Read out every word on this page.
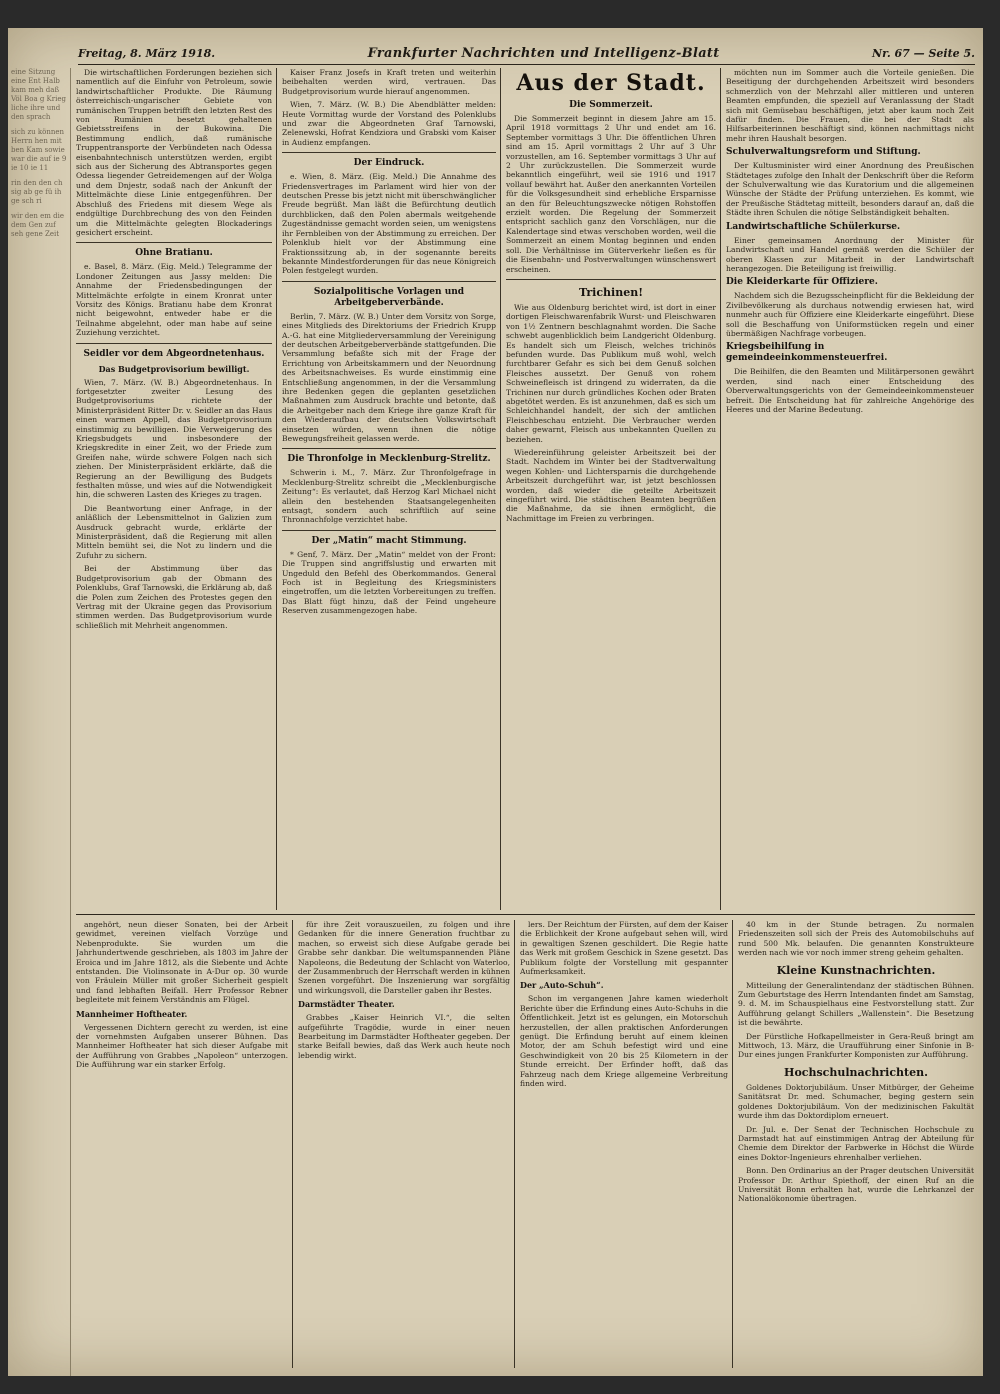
Freitag, 8. März 1918.	Frankfurter Nachrichten und Intelligenz-Blatt	Nr. 67 — Seite 5.

eine Sitzung eine Ent Halb kam meh daß Völ Boa g Krieg liche ihre und den sprach

sich zu können Herrn hen mit ben Kam sowie war die auf ie 9 ie 10 ie 11

rin den den ch sig ab ge fü ih ge sch ri

wir den em die dem Gen zuf seh gene Zeit

Die wirtschaftlichen Forderungen beziehen sich namentlich auf die Einfuhr von Petroleum, sowie landwirtschaftlicher Produkte. Die Räumung österreichisch-ungarischer Gebiete von rumänischen Truppen betrifft den letzten Rest des von Rumänien besetzt gehaltenen Gebietsstreifens in der Bukowina. Die Bestimmung endlich, daß rumänische Truppentransporte der Verbündeten nach Odessa eisenbahntechnisch unterstützen werden, ergibt sich aus der Sicherung des Abtransportes gegen Odessa liegender Getreidemengen auf der Wolga und dem Dnjestr, sodaß nach der Ankunft der Mittelmächte diese Linie entgegenführen. Der Abschluß des Friedens mit diesem Wege als endgültige Durchbrechung des von den Feinden um die Mittelmächte gelegten Blockaderings gesichert erscheint.

Ohne Bratianu.

e. Basel, 8. März. (Eig. Meld.) Telegramme der Londoner Zeitungen aus Jassy melden: Die Annahme der Friedensbedingungen der Mittelmächte erfolgte in einem Kronrat unter Vorsitz des Königs. Bratianu habe dem Kronrat nicht beigewohnt, entweder habe er die Teilnahme abgelehnt, oder man habe auf seine Zuziehung verzichtet.

Seidler vor dem Abgeordnetenhaus.
Das Budgetprovisorium bewilligt.

Wien, 7. März. (W. B.) Abgeordnetenhaus. In fortgesetzter zweiter Lesung des Budgetprovisoriums richtete der Ministerpräsident Ritter Dr. v. Seidler an das Haus einen warmen Appell, das Budgetprovisorium einstimmig zu bewilligen. Die Verweigerung des Kriegsbudgets und insbesondere der Kriegskredite in einer Zeit, wo der Friede zum Greifen nahe, würde schwere Folgen nach sich ziehen. Der Ministerpräsident erklärte, daß die Regierung an der Bewilligung des Budgets festhalten müsse, und wies auf die Notwendigkeit hin, die schweren Lasten des Krieges zu tragen.

Die Beantwortung einer Anfrage, in der anläßlich der Lebensmittelnot in Galizien zum Ausdruck gebracht wurde, erklärte der Ministerpräsident, daß die Regierung mit allen Mitteln bemüht sei, die Not zu lindern und die Zufuhr zu sichern.

Bei der Abstimmung über das Budgetprovisorium gab der Obmann des Polenklubs, Graf Tarnowski, die Erklärung ab, daß die Polen zum Zeichen des Protestes gegen den Vertrag mit der Ukraine gegen das Provisorium stimmen werden. Das Budgetprovisorium wurde schließlich mit Mehrheit angenommen.

Kaiser Franz Josefs in Kraft treten und weiterhin beibehalten werden wird, vertrauen. Das Budgetprovisorium wurde hierauf angenommen.

Wien, 7. März. (W. B.) Die Abendblätter melden: Heute Vormittag wurde der Vorstand des Polenklubs und zwar die Abgeordneten Graf Tarnowski, Zelenewski, Hofrat Kendziora und Grabski vom Kaiser in Audienz empfangen.

Der Eindruck.

e. Wien, 8. März. (Eig. Meld.) Die Annahme des Friedensvertrages im Parlament wird hier von der deutschen Presse bis jetzt nicht mit überschwänglicher Freude begrüßt. Man läßt die Befürchtung deutlich durchblicken, daß den Polen abermals weitgehende Zugeständnisse gemacht worden seien, um wenigstens ihr Fernbleiben von der Abstimmung zu erreichen. Der Polenklub hielt vor der Abstimmung eine Fraktionssitzung ab, in der sogenannte bereits bekannte Mindestforderungen für das neue Königreich Polen festgelegt wurden.

Sozialpolitische Vorlagen und Arbeitgeberverbände.

Berlin, 7. März. (W. B.) Unter dem Vorsitz von Sorge, eines Mitglieds des Direktoriums der Friedrich Krupp A.-G. hat eine Mitgliederversammlung der Vereinigung der deutschen Arbeitgeberverbände stattgefunden. Die Versammlung befaßte sich mit der Frage der Errichtung von Arbeitskammern und der Neuordnung des Arbeitsnachweises. Es wurde einstimmig eine Entschließung angenommen, in der die Versammlung ihre Bedenken gegen die geplanten gesetzlichen Maßnahmen zum Ausdruck brachte und betonte, daß die Arbeitgeber nach dem Kriege ihre ganze Kraft für den Wiederaufbau der deutschen Volkswirtschaft einsetzen würden, wenn ihnen die nötige Bewegungsfreiheit gelassen werde.

Die Thronfolge in Mecklenburg-Strelitz.

Schwerin i. M., 7. März. Zur Thronfolgefrage in Mecklenburg-Strelitz schreibt die „Mecklenburgische Zeitung“: Es verlautet, daß Herzog Karl Michael nicht allein den bestehenden Staatsangelegenheiten entsagt, sondern auch schriftlich auf seine Thronnachfolge verzichtet habe.

Der „Matin“ macht Stimmung.

* Genf, 7. März. Der „Matin“ meldet von der Front: Die Truppen sind angriffslustig und erwarten mit Ungeduld den Befehl des Oberkommandos. General Foch ist in Begleitung des Kriegsministers eingetroffen, um die letzten Vorbereitungen zu treffen. Das Blatt fügt hinzu, daß der Feind ungeheure Reserven zusammengezogen habe.

Aus der Stadt.
Die Sommerzeit.

Die Sommerzeit beginnt in diesem Jahre am 15. April 1918 vormittags 2 Uhr und endet am 16. September vormittags 3 Uhr. Die öffentlichen Uhren sind am 15. April vormittags 2 Uhr auf 3 Uhr vorzustellen, am 16. September vormittags 3 Uhr auf 2 Uhr zurückzustellen. Die Sommerzeit wurde bekanntlich eingeführt, weil sie 1916 und 1917 vollauf bewährt hat. Außer den anerkannten Vorteilen für die Volksgesundheit sind erhebliche Ersparnisse an den für Beleuchtungszwecke nötigen Rohstoffen erzielt worden. Die Regelung der Sommerzeit entspricht sachlich ganz den Vorschlägen, nur die Kalendertage sind etwas verschoben worden, weil die Sommerzeit an einem Montag beginnen und enden soll. Die Verhältnisse im Güterverkehr ließen es für die Eisenbahn- und Postverwaltungen wünschenswert erscheinen.

Trichinen!

Wie aus Oldenburg berichtet wird, ist dort in einer dortigen Fleischwarenfabrik Wurst- und Fleischwaren von 1½ Zentnern beschlagnahmt worden. Die Sache schwebt augenblicklich beim Landgericht Oldenburg. Es handelt sich um Fleisch, welches trichinös befunden wurde. Das Publikum muß wohl, welch furchtbarer Gefahr es sich bei dem Genuß solchen Fleisches aussetzt. Der Genuß von rohem Schweinefleisch ist dringend zu widerraten, da die Trichinen nur durch gründliches Kochen oder Braten abgetötet werden. Es ist anzunehmen, daß es sich um Schleichhandel handelt, der sich der amtlichen Fleischbeschau entzieht. Die Verbraucher werden daher gewarnt, Fleisch aus unbekannten Quellen zu beziehen.

Wiedereinführung geleister Arbeitszeit bei der Stadt. Nachdem im Winter bei der Stadtverwaltung wegen Kohlen- und Lichtersparnis die durchgehende Arbeitszeit durchgeführt war, ist jetzt beschlossen worden, daß wieder die geteilte Arbeitszeit eingeführt wird. Die städtischen Beamten begrüßen die Maßnahme, da sie ihnen ermöglicht, die Nachmittage im Freien zu verbringen.

möchten nun im Sommer auch die Vorteile genießen. Die Beseitigung der durchgehenden Arbeitszeit wird besonders schmerzlich von der Mehrzahl aller mittleren und unteren Beamten empfunden, die speziell auf Veranlassung der Stadt sich mit Gemüsebau beschäftigen, jetzt aber kaum noch Zeit dafür finden. Die Frauen, die bei der Stadt als Hilfsarbeiterinnen beschäftigt sind, können nachmittags nicht mehr ihren Haushalt besorgen.

Schulverwaltungsreform und Stiftung.

Der Kultusminister wird einer Anordnung des Preußischen Städtetages zufolge den Inhalt der Denkschrift über die Reform der Schulverwaltung wie das Kuratorium und die allgemeinen Wünsche der Städte der Prüfung unterziehen. Es kommt, wie der Preußische Städtetag mitteilt, besonders darauf an, daß die Städte ihren Schulen die nötige Selbständigkeit behalten.

Landwirtschaftliche Schülerkurse.

Einer gemeinsamen Anordnung der Minister für Landwirtschaft und Handel gemäß werden die Schüler der oberen Klassen zur Mitarbeit in der Landwirtschaft herangezogen. Die Beteiligung ist freiwillig.

Die Kleiderkarte für Offiziere.

Nachdem sich die Bezugsscheinpflicht für die Bekleidung der Zivilbevölkerung als durchaus notwendig erwiesen hat, wird nunmehr auch für Offiziere eine Kleiderkarte eingeführt. Diese soll die Beschaffung von Uniformstücken regeln und einer übermäßigen Nachfrage vorbeugen.

Kriegsbeihilfung in gemeindeeinkommensteuerfrei.

Die Beihilfen, die den Beamten und Militärpersonen gewährt werden, sind nach einer Entscheidung des Oberverwaltungsgerichts von der Gemeindeeinkommensteuer befreit. Die Entscheidung hat für zahlreiche Angehörige des Heeres und der Marine Bedeutung.

angehört, neun dieser Sonaten, bei der Arbeit gewidmet, vereinen vielfach Vorzüge und Nebenprodukte. Sie wurden um die Jahrhundertwende geschrieben, als 1803 im Jahre der Eroica und im Jahre 1812, als die Siebente und Achte entstanden. Die Violinsonate in A-Dur op. 30 wurde von Fräulein Müller mit großer Sicherheit gespielt und fand lebhaften Beifall. Herr Professor Rebner begleitete mit feinem Verständnis am Flügel.

Mannheimer Hoftheater.

Vergessenen Dichtern gerecht zu werden, ist eine der vornehmsten Aufgaben unserer Bühnen. Das Mannheimer Hoftheater hat sich dieser Aufgabe mit der Aufführung von Grabbes „Napoleon“ unterzogen. Die Aufführung war ein starker Erfolg.

für ihre Zeit vorauszueilen, zu folgen und ihre Gedanken für die innere Generation fruchtbar zu machen, so erweist sich diese Aufgabe gerade bei Grabbe sehr dankbar. Die weltumspannenden Pläne Napoleons, die Bedeutung der Schlacht von Waterloo, der Zusammenbruch der Herrschaft werden in kühnen Szenen vorgeführt. Die Inszenierung war sorgfältig und wirkungsvoll, die Darsteller gaben ihr Bestes.

Darmstädter Theater.

Grabbes „Kaiser Heinrich VI.“, die selten aufgeführte Tragödie, wurde in einer neuen Bearbeitung im Darmstädter Hoftheater gegeben. Der starke Beifall bewies, daß das Werk auch heute noch lebendig wirkt.

lers. Der Reichtum der Fürsten, auf dem der Kaiser die Erblichkeit der Krone aufgebaut sehen will, wird in gewaltigen Szenen geschildert. Die Regie hatte das Werk mit großem Geschick in Szene gesetzt. Das Publikum folgte der Vorstellung mit gespannter Aufmerksamkeit.

Der „Auto-Schuh“.

Schon im vergangenen Jahre kamen wiederholt Berichte über die Erfindung eines Auto-Schuhs in die Öffentlichkeit. Jetzt ist es gelungen, ein Motorschuh herzustellen, der allen praktischen Anforderungen genügt. Die Erfindung beruht auf einem kleinen Motor, der am Schuh befestigt wird und eine Geschwindigkeit von 20 bis 25 Kilometern in der Stunde erreicht. Der Erfinder hofft, daß das Fahrzeug nach dem Kriege allgemeine Verbreitung finden wird.

40 km in der Stunde betragen. Zu normalen Friedenszeiten soll sich der Preis des Automobilschuhs auf rund 500 Mk. belaufen. Die genannten Konstrukteure werden nach wie vor noch immer streng geheim gehalten.

Kleine Kunstnachrichten.

Mitteilung der Generalintendanz der städtischen Bühnen. Zum Geburtstage des Herrn Intendanten findet am Samstag, 9. d. M. im Schauspielhaus eine Festvorstellung statt. Zur Aufführung gelangt Schillers „Wallenstein“. Die Besetzung ist die bewährte.

Der Fürstliche Hofkapellmeister in Gera-Reuß bringt am Mittwoch, 13. März, die Uraufführung einer Sinfonie in B-Dur eines jungen Frankfurter Komponisten zur Aufführung.

Hochschulnachrichten.

Goldenes Doktorjubiläum. Unser Mitbürger, der Geheime Sanitätsrat Dr. med. Schumacher, beging gestern sein goldenes Doktorjubiläum. Von der medizinischen Fakultät wurde ihm das Doktordiplom erneuert.

Dr. Jul. e. Der Senat der Technischen Hochschule zu Darmstadt hat auf einstimmigen Antrag der Abteilung für Chemie dem Direktor der Farbwerke in Höchst die Würde eines Doktor-Ingenieurs ehrenhalber verliehen.

Bonn. Den Ordinarius an der Prager deutschen Universität Professor Dr. Arthur Spiethoff, der einen Ruf an die Universität Bonn erhalten hat, wurde die Lehrkanzel der Nationalökonomie übertragen.
